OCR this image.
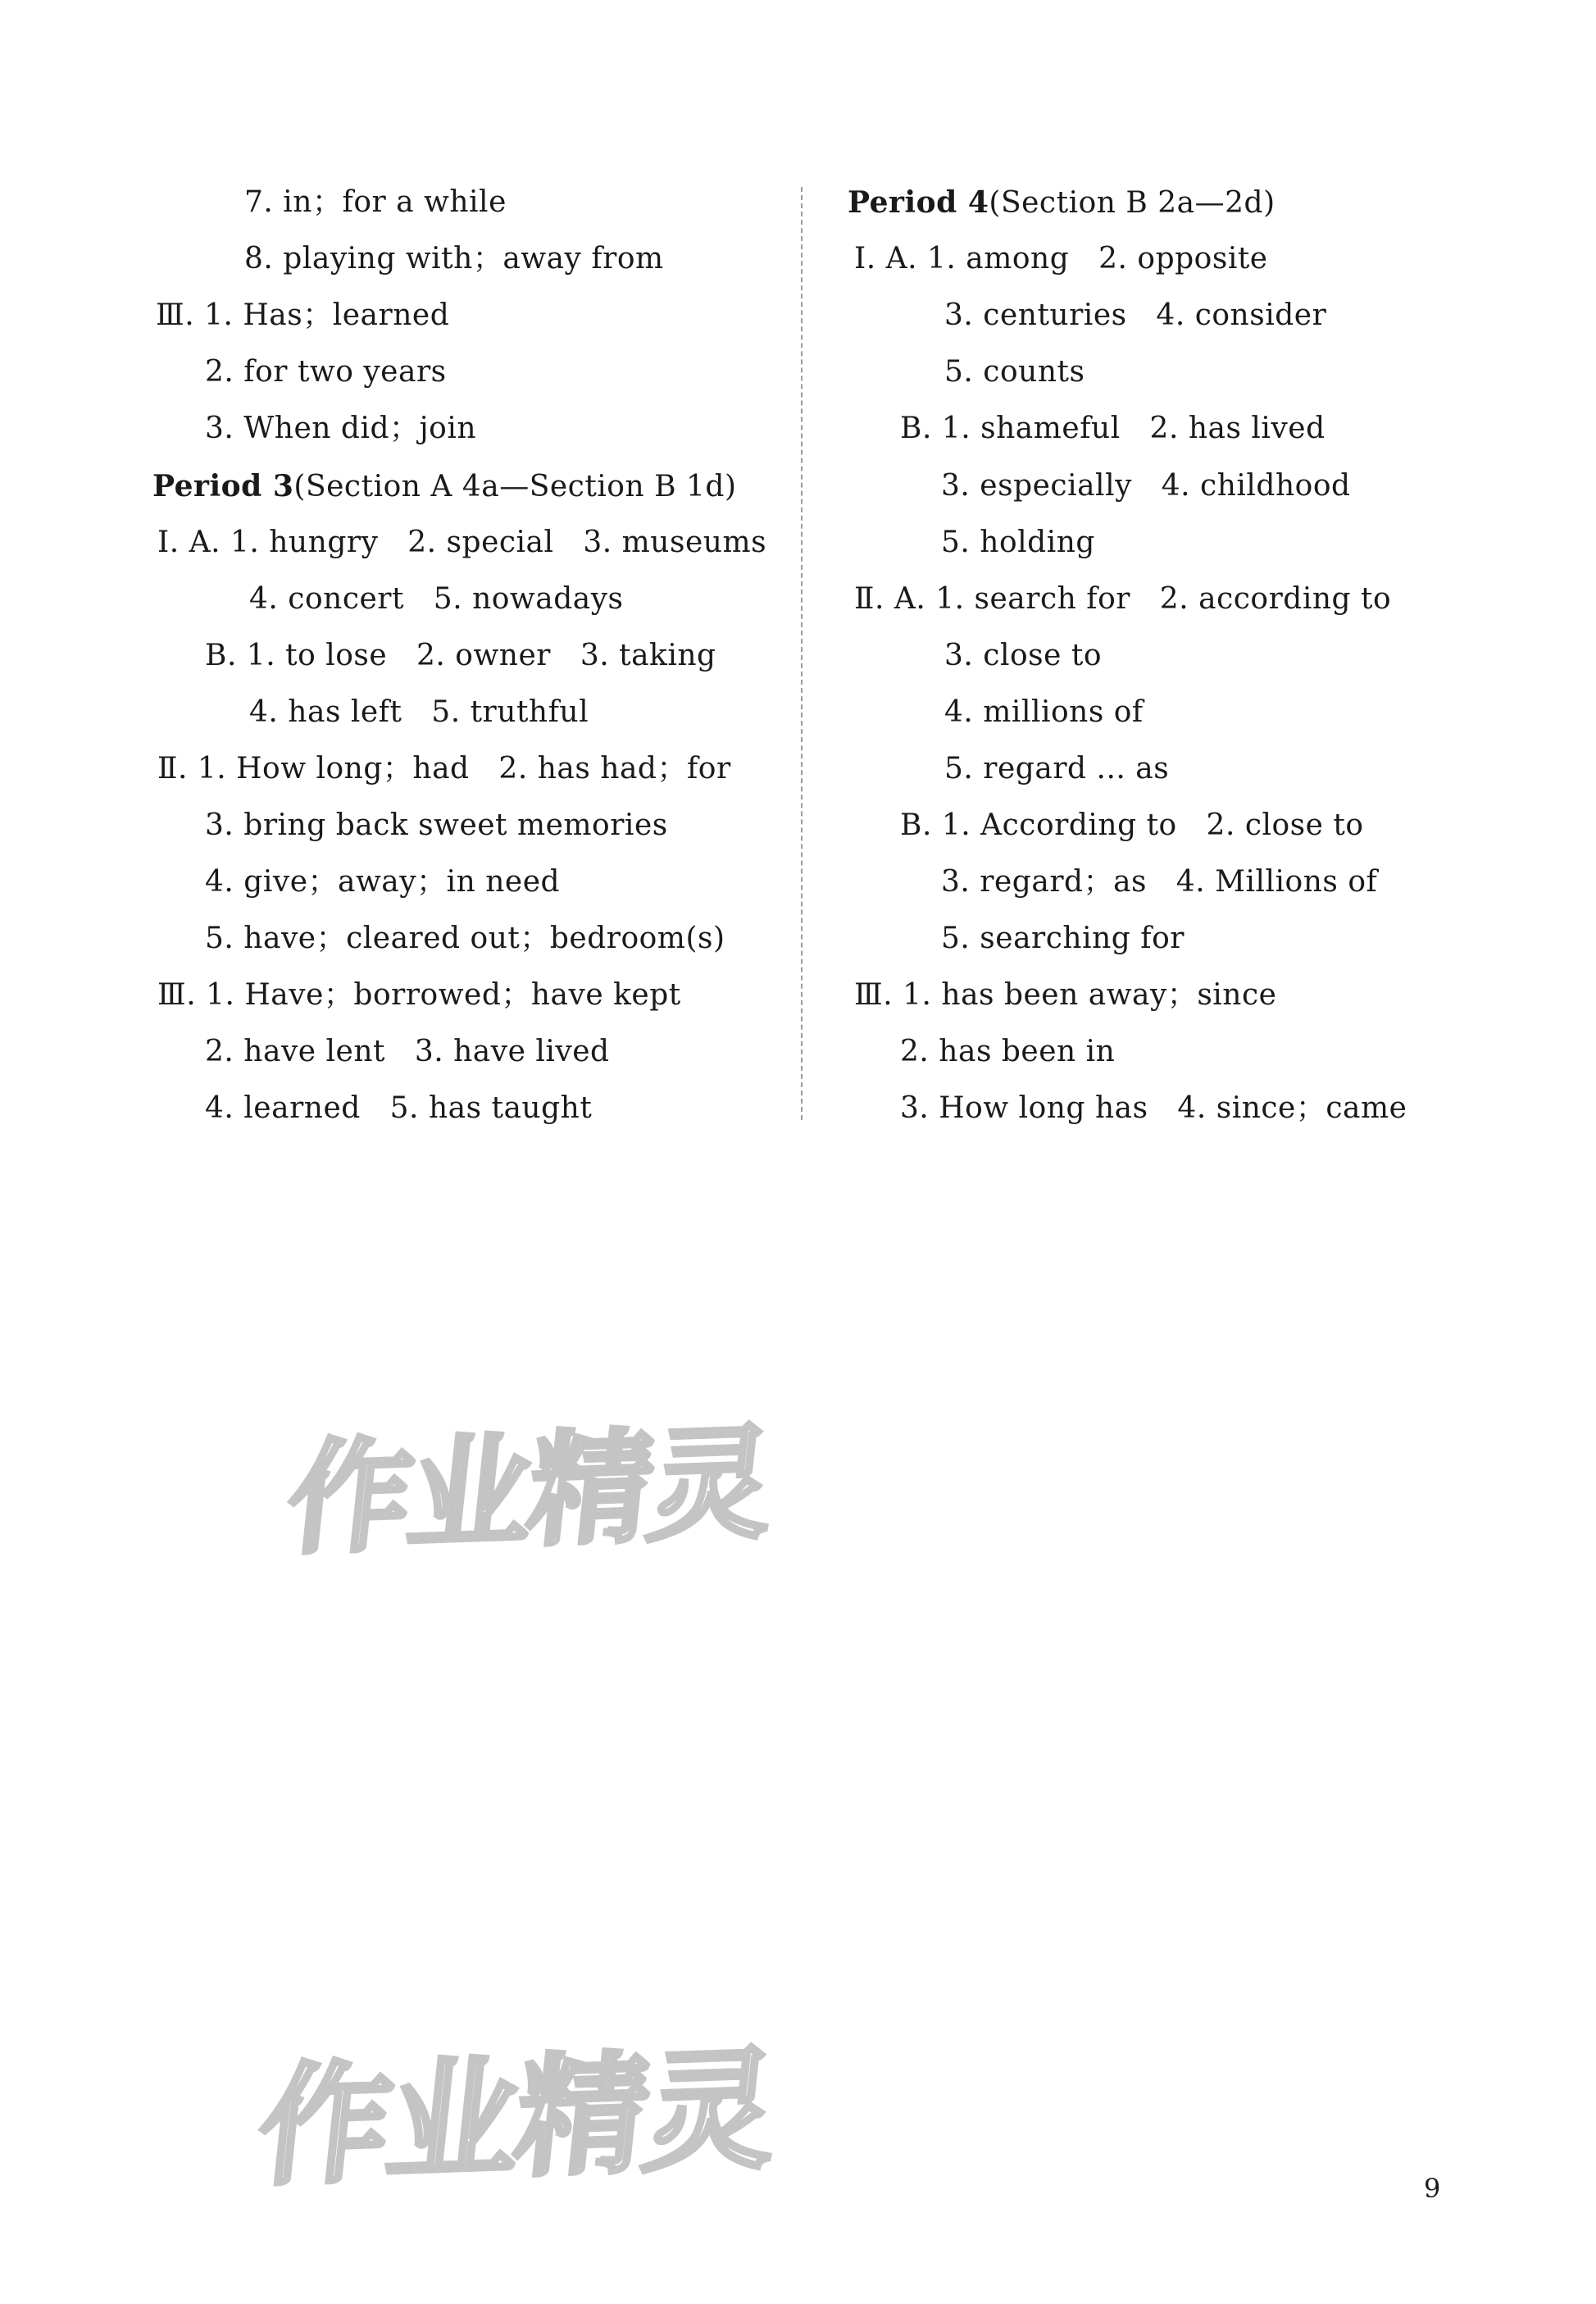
7. in；for a while
8. playing with；away from
Ⅲ. 1. Has；learned
2. for two years
3. When did；join
Period 3(Section A 4a—Section B 1d)
Ⅰ. A. 1. hungry   2. special   3. museums
4. concert   5. nowadays
B. 1. to lose   2. owner   3. taking
4. has left   5. truthful
Ⅱ. 1. How long；had   2. has had；for
3. bring back sweet memories
4. give；away；in need
5. have；cleared out；bedroom(s)
Ⅲ. 1. Have；borrowed；have kept
2. have lent   3. have lived
4. learned   5. has taught
Period 4(Section B 2a—2d)
Ⅰ. A. 1. among   2. opposite
3. centuries   4. consider
5. counts
B. 1. shameful   2. has lived
3. especially   4. childhood
5. holding
Ⅱ. A. 1. search for   2. according to
3. close to
4. millions of
5. regard ... as
B. 1. According to   2. close to
3. regard；as   4. Millions of
5. searching for
Ⅲ. 1. has been away；since
2. has been in
3. How long has   4. since；came
作业精灵
作业精灵	9
